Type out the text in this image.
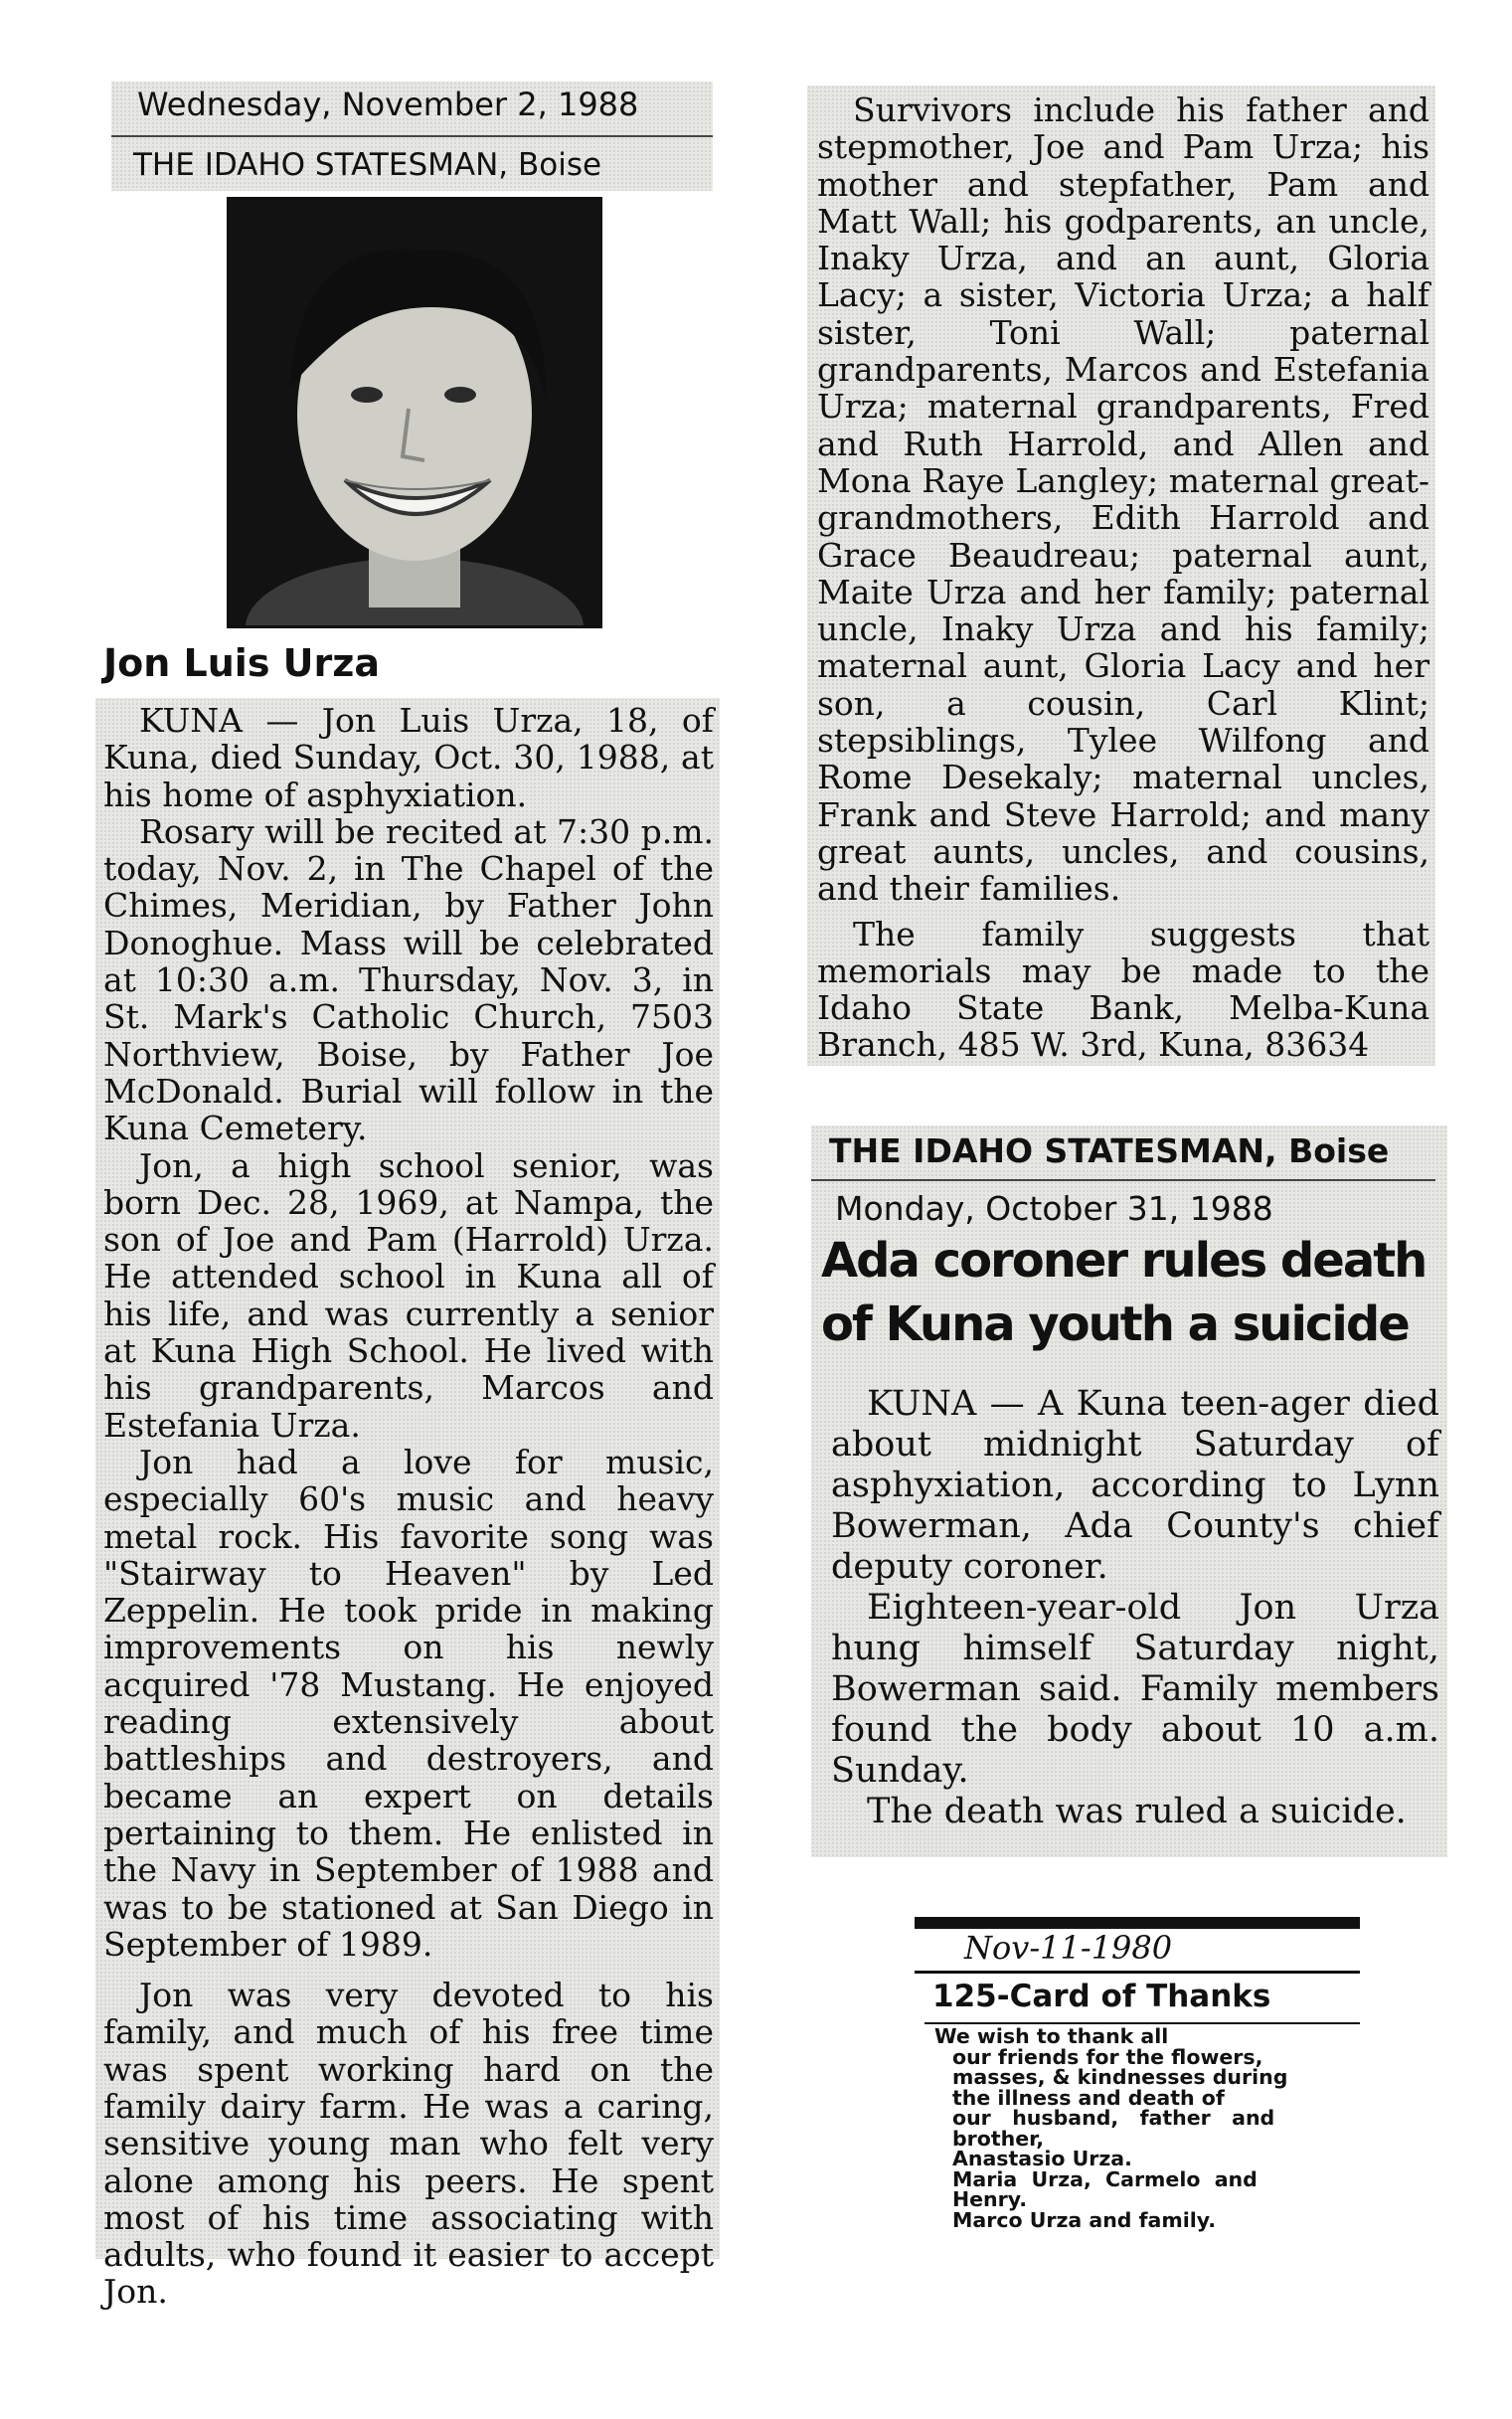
Wednesday, November 2, 1988
THE IDAHO STATESMAN, Boise
Jon Luis Urza

KUNA — Jon Luis Urza, 18, of Kuna, died Sunday, Oct. 30, 1988, at his home of asphyxiation.

Rosary will be recited at 7:30 p.m. today, Nov. 2, in The Chapel of the Chimes, Meridian, by Father John Donoghue. Mass will be celebrated at 10:30 a.m. Thursday, Nov. 3, in St. Mark's Catholic Church, 7503 Northview, Boise, by Father Joe McDonald. Burial will follow in the Kuna Cemetery.

Jon, a high school senior, was born Dec. 28, 1969, at Nampa, the son of Joe and Pam (Harrold) Urza. He attended school in Kuna all of his life, and was currently a senior at Kuna High School. He lived with his grandparents, Marcos and Estefania Urza.

Jon had a love for music, especially 60's music and heavy metal rock. His favorite song was "Stairway to Heaven" by Led Zeppelin. He took pride in making improvements on his newly acquired '78 Mustang. He enjoyed reading extensively about battleships and destroyers, and became an expert on details pertaining to them. He enlisted in the Navy in September of 1988 and was to be stationed at San Diego in September of 1989.

Jon was very devoted to his family, and much of his free time was spent working hard on the family dairy farm. He was a caring, sensitive young man who felt very alone among his peers. He spent most of his time associating with adults, who found it easier to accept Jon.

Survivors include his father and stepmother, Joe and Pam Urza; his mother and stepfather, Pam and Matt Wall; his godparents, an uncle, Inaky Urza, and an aunt, Gloria Lacy; a sister, Victoria Urza; a half sister, Toni Wall; paternal grandparents, Marcos and Estefania Urza; maternal grandparents, Fred and Ruth Harrold, and Allen and Mona Raye Langley; maternal great-grandmothers, Edith Harrold and Grace Beaudreau; paternal aunt, Maite Urza and her family; paternal uncle, Inaky Urza and his family; maternal aunt, Gloria Lacy and her son, a cousin, Carl Klint; stepsiblings, Tylee Wilfong and Rome Desekaly; maternal uncles, Frank and Steve Harrold; and many great aunts, uncles, and cousins, and their families.

The family suggests that memorials may be made to the Idaho State Bank, Melba-Kuna Branch, 485 W. 3rd, Kuna, 83634

THE IDAHO STATESMAN, Boise
Monday, October 31, 1988
Ada coroner rules death
of Kuna youth a suicide

KUNA — A Kuna teen-ager died about midnight Saturday of asphyxiation, according to Lynn Bowerman, Ada County's chief deputy coroner.

Eighteen-year-old Jon Urza hung himself Saturday night, Bowerman said. Family members found the body about 10 a.m. Sunday.

The death was ruled a suicide.

Nov-11-1980
125-Card of Thanks
We wish to thank all
our friends for the flowers,
masses, & kindnesses during
the illness and death of
our   husband,   father   and
brother,
Anastasio Urza.
Maria  Urza,  Carmelo  and
Henry.
Marco Urza and family.
